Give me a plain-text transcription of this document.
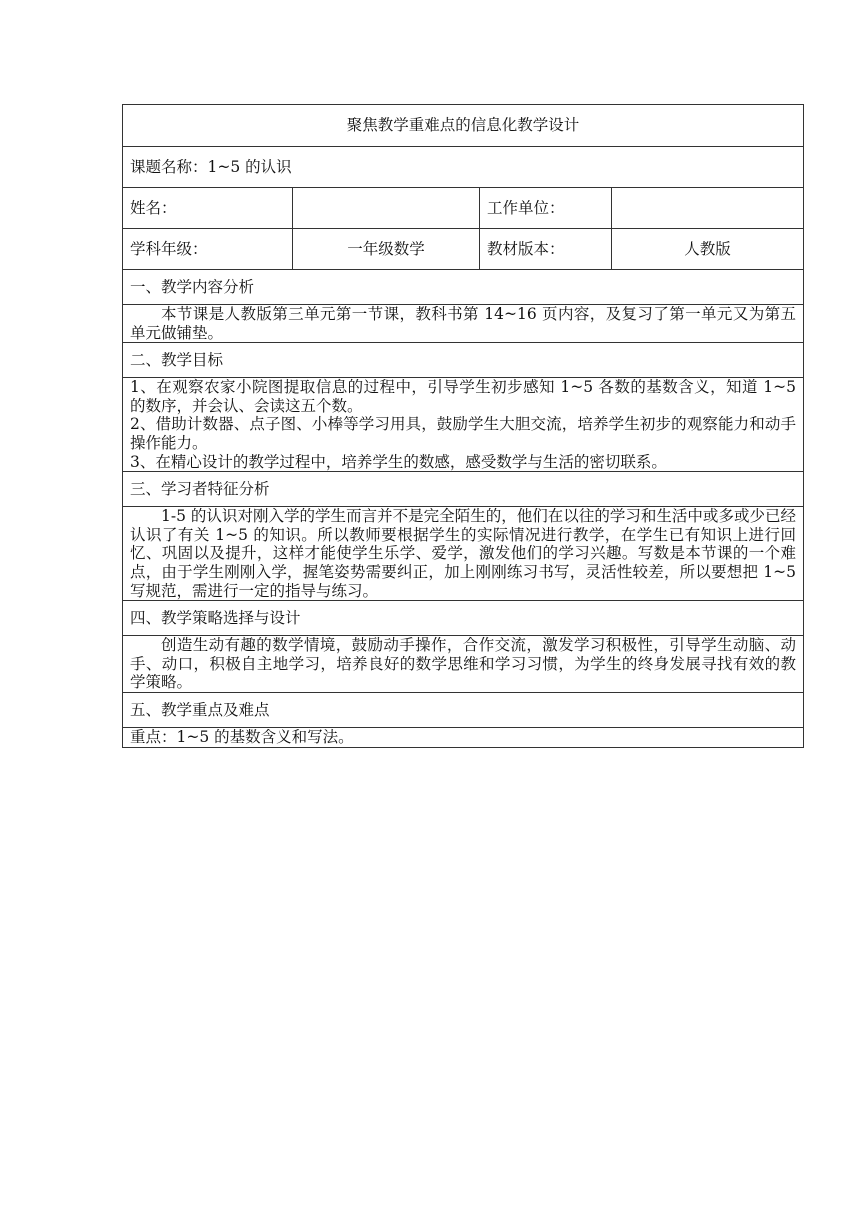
聚焦教学重难点的信息化教学设计			
课题名称：1~5 的认识			
姓名：		工作单位：	
学科年级：	一年级数学	教材版本：	人教版
一、教学内容分析			

本节课是人教版第三单元第一节课，教科书第 14~16 页内容，及复习了第一单元又为第五单元做铺垫。			

二、教学目标			

1、在观察农家小院图提取信息的过程中，引导学生初步感知 1~5 各数的基数含义，知道 1~5 的数序，并会认、会读这五个数。

2、借助计数器、点子图、小棒等学习用具，鼓励学生大胆交流，培养学生初步的观察能力和动手操作能力。

3、在精心设计的教学过程中，培养学生的数感，感受数学与生活的密切联系。			

三、学习者特征分析			

1-5 的认识对刚入学的学生而言并不是完全陌生的，他们在以往的学习和生活中或多或少已经认识了有关 1~5 的知识。所以教师要根据学生的实际情况进行教学，在学生已有知识上进行回忆、巩固以及提升，这样才能使学生乐学、爱学，激发他们的学习兴趣。写数是本节课的一个难点，由于学生刚刚入学，握笔姿势需要纠正，加上刚刚练习书写，灵活性较差，所以要想把 1~5 写规范，需进行一定的指导与练习。			

四、教学策略选择与设计			

创造生动有趣的数学情境，鼓励动手操作，合作交流，激发学习积极性，引导学生动脑、动手、动口，积极自主地学习，培养良好的数学思维和学习习惯，为学生的终身发展寻找有效的教学策略。			

五、教学重点及难点			

重点：1~5 的基数含义和写法。			
